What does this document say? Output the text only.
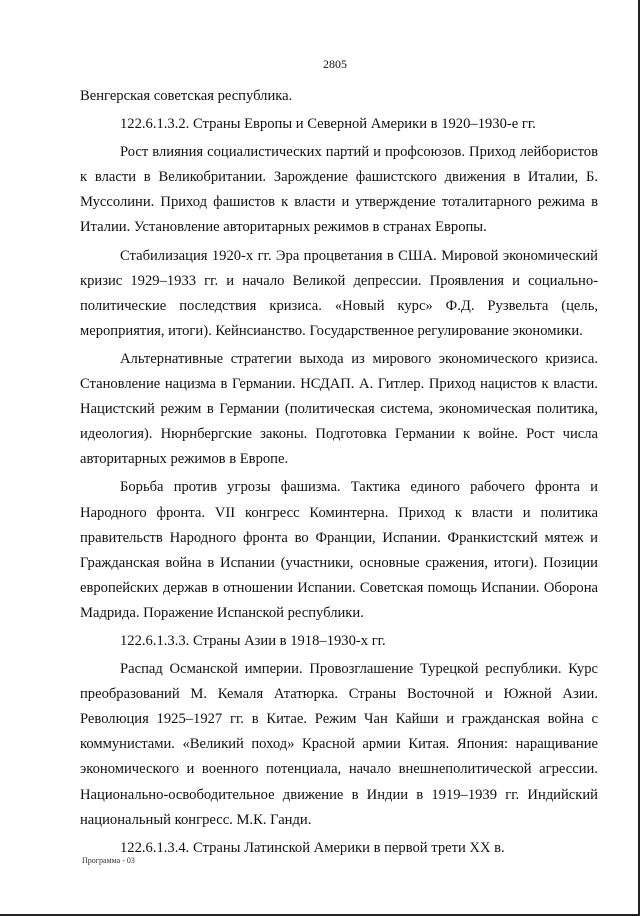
2805

Венгерская советская республика.

122.6.1.3.2. Страны Европы и Северной Америки в 1920–1930-е гг.

Рост влияния социалистических партий и профсоюзов. Приход лейбористов к власти в Великобритании. Зарождение фашистского движения в Италии, Б. Муссолини. Приход фашистов к власти и утверждение тоталитарного режима в Италии. Установление авторитарных режимов в странах Европы.

Стабилизация 1920-х гг. Эра процветания в США. Мировой экономический кризис 1929–1933 гг. и начало Великой депрессии. Проявления и социально-политические последствия кризиса. «Новый курс» Ф.Д. Рузвельта (цель, мероприятия, итоги). Кейнсианство. Государственное регулирование экономики.

Альтернативные стратегии выхода из мирового экономического кризиса. Становление нацизма в Германии. НСДАП. А. Гитлер. Приход нацистов к власти. Нацистский режим в Германии (политическая система, экономическая политика, идеология). Нюрнбергские законы. Подготовка Германии к войне. Рост числа авторитарных режимов в Европе.

Борьба против угрозы фашизма. Тактика единого рабочего фронта и Народного фронта. VII конгресс Коминтерна. Приход к власти и политика правительств Народного фронта во Франции, Испании. Франкистский мятеж и Гражданская война в Испании (участники, основные сражения, итоги). Позиции европейских держав в отношении Испании. Советская помощь Испании. Оборона Мадрида. Поражение Испанской республики.

122.6.1.3.3. Страны Азии в 1918–1930-х гг.

Распад Османской империи. Провозглашение Турецкой республики. Курс преобразований М. Кемаля Ататюрка. Страны Восточной и Южной Азии. Революция 1925–1927 гг. в Китае. Режим Чан Кайши и гражданская война с коммунистами. «Великий поход» Красной армии Китая. Япония: наращивание экономического и военного потенциала, начало внешнеполитической агрессии. Национально-освободительное движение в Индии в 1919–1939 гг. Индийский национальный конгресс. М.К. Ганди.

122.6.1.3.4. Страны Латинской Америки в первой трети XX в.

Программа - 03
